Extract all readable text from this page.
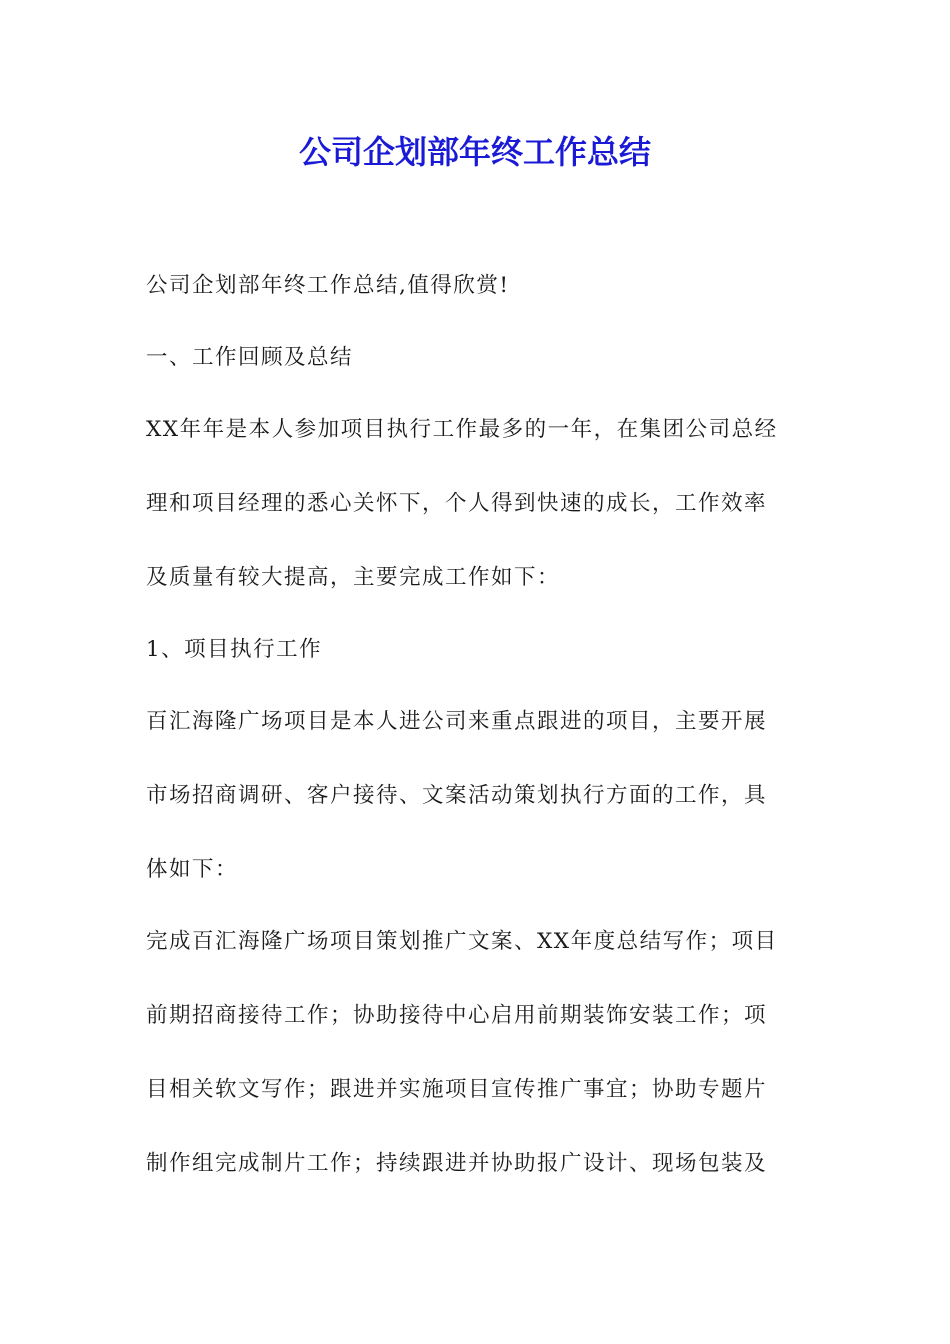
公司企划部年终工作总结

公司企划部年终工作总结,值得欣赏!

一、工作回顾及总结

XX年年是本人参加项目执行工作最多的一年，在集团公司总经
理和项目经理的悉心关怀下，个人得到快速的成长，工作效率
及质量有较大提高，主要完成工作如下：

1、项目执行工作

百汇海隆广场项目是本人进公司来重点跟进的项目，主要开展
市场招商调研、客户接待、文案活动策划执行方面的工作，具
体如下：

完成百汇海隆广场项目策划推广文案、XX年度总结写作；项目
前期招商接待工作；协助接待中心启用前期装饰安装工作；项
目相关软文写作；跟进并实施项目宣传推广事宜；协助专题片
制作组完成制片工作；持续跟进并协助报广设计、现场包装及
